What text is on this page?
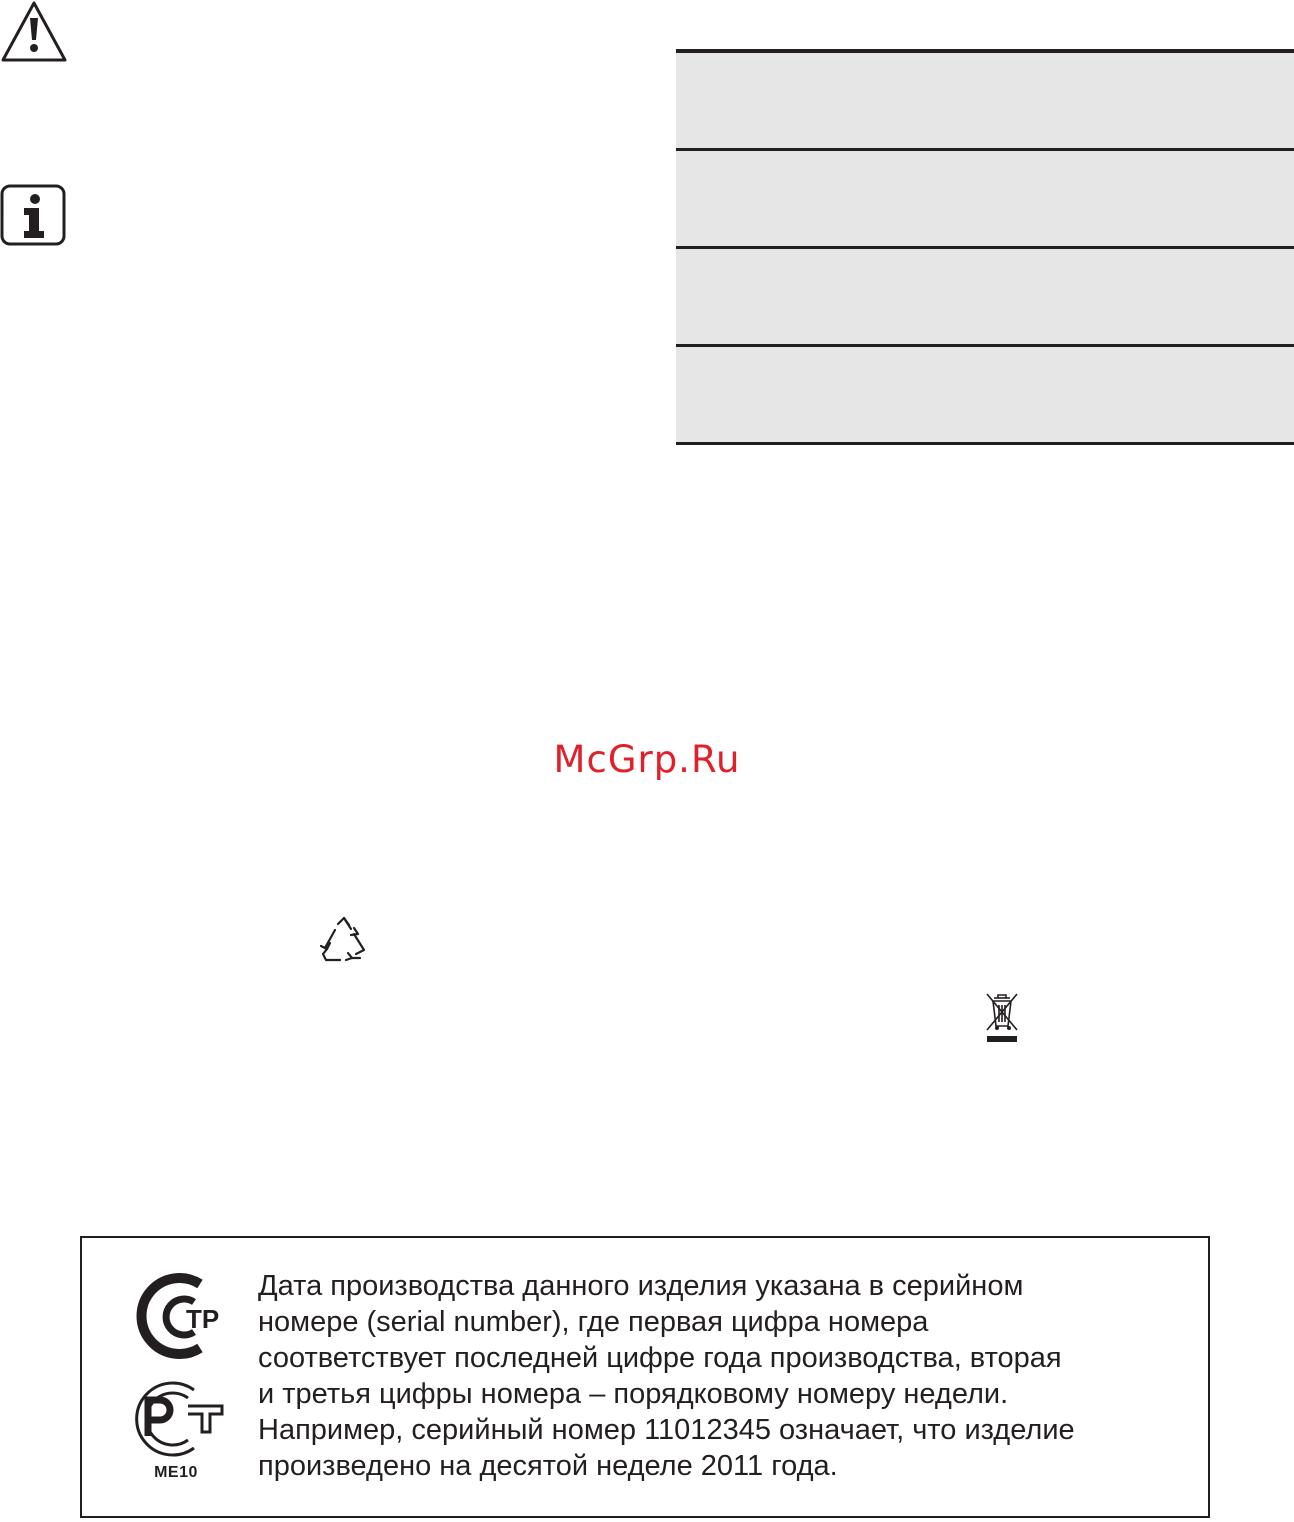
McGrp.Ru
ТР
ME10
Дата производства данного изделия указана в серийном
номере (serial number), где первая цифра номера
соответствует последней цифре года производства, вторая
и третья цифры номера – порядковому номеру недели.
Например, серийный номер 11012345 означает, что изделие
произведено на десятой неделе 2011 года.
